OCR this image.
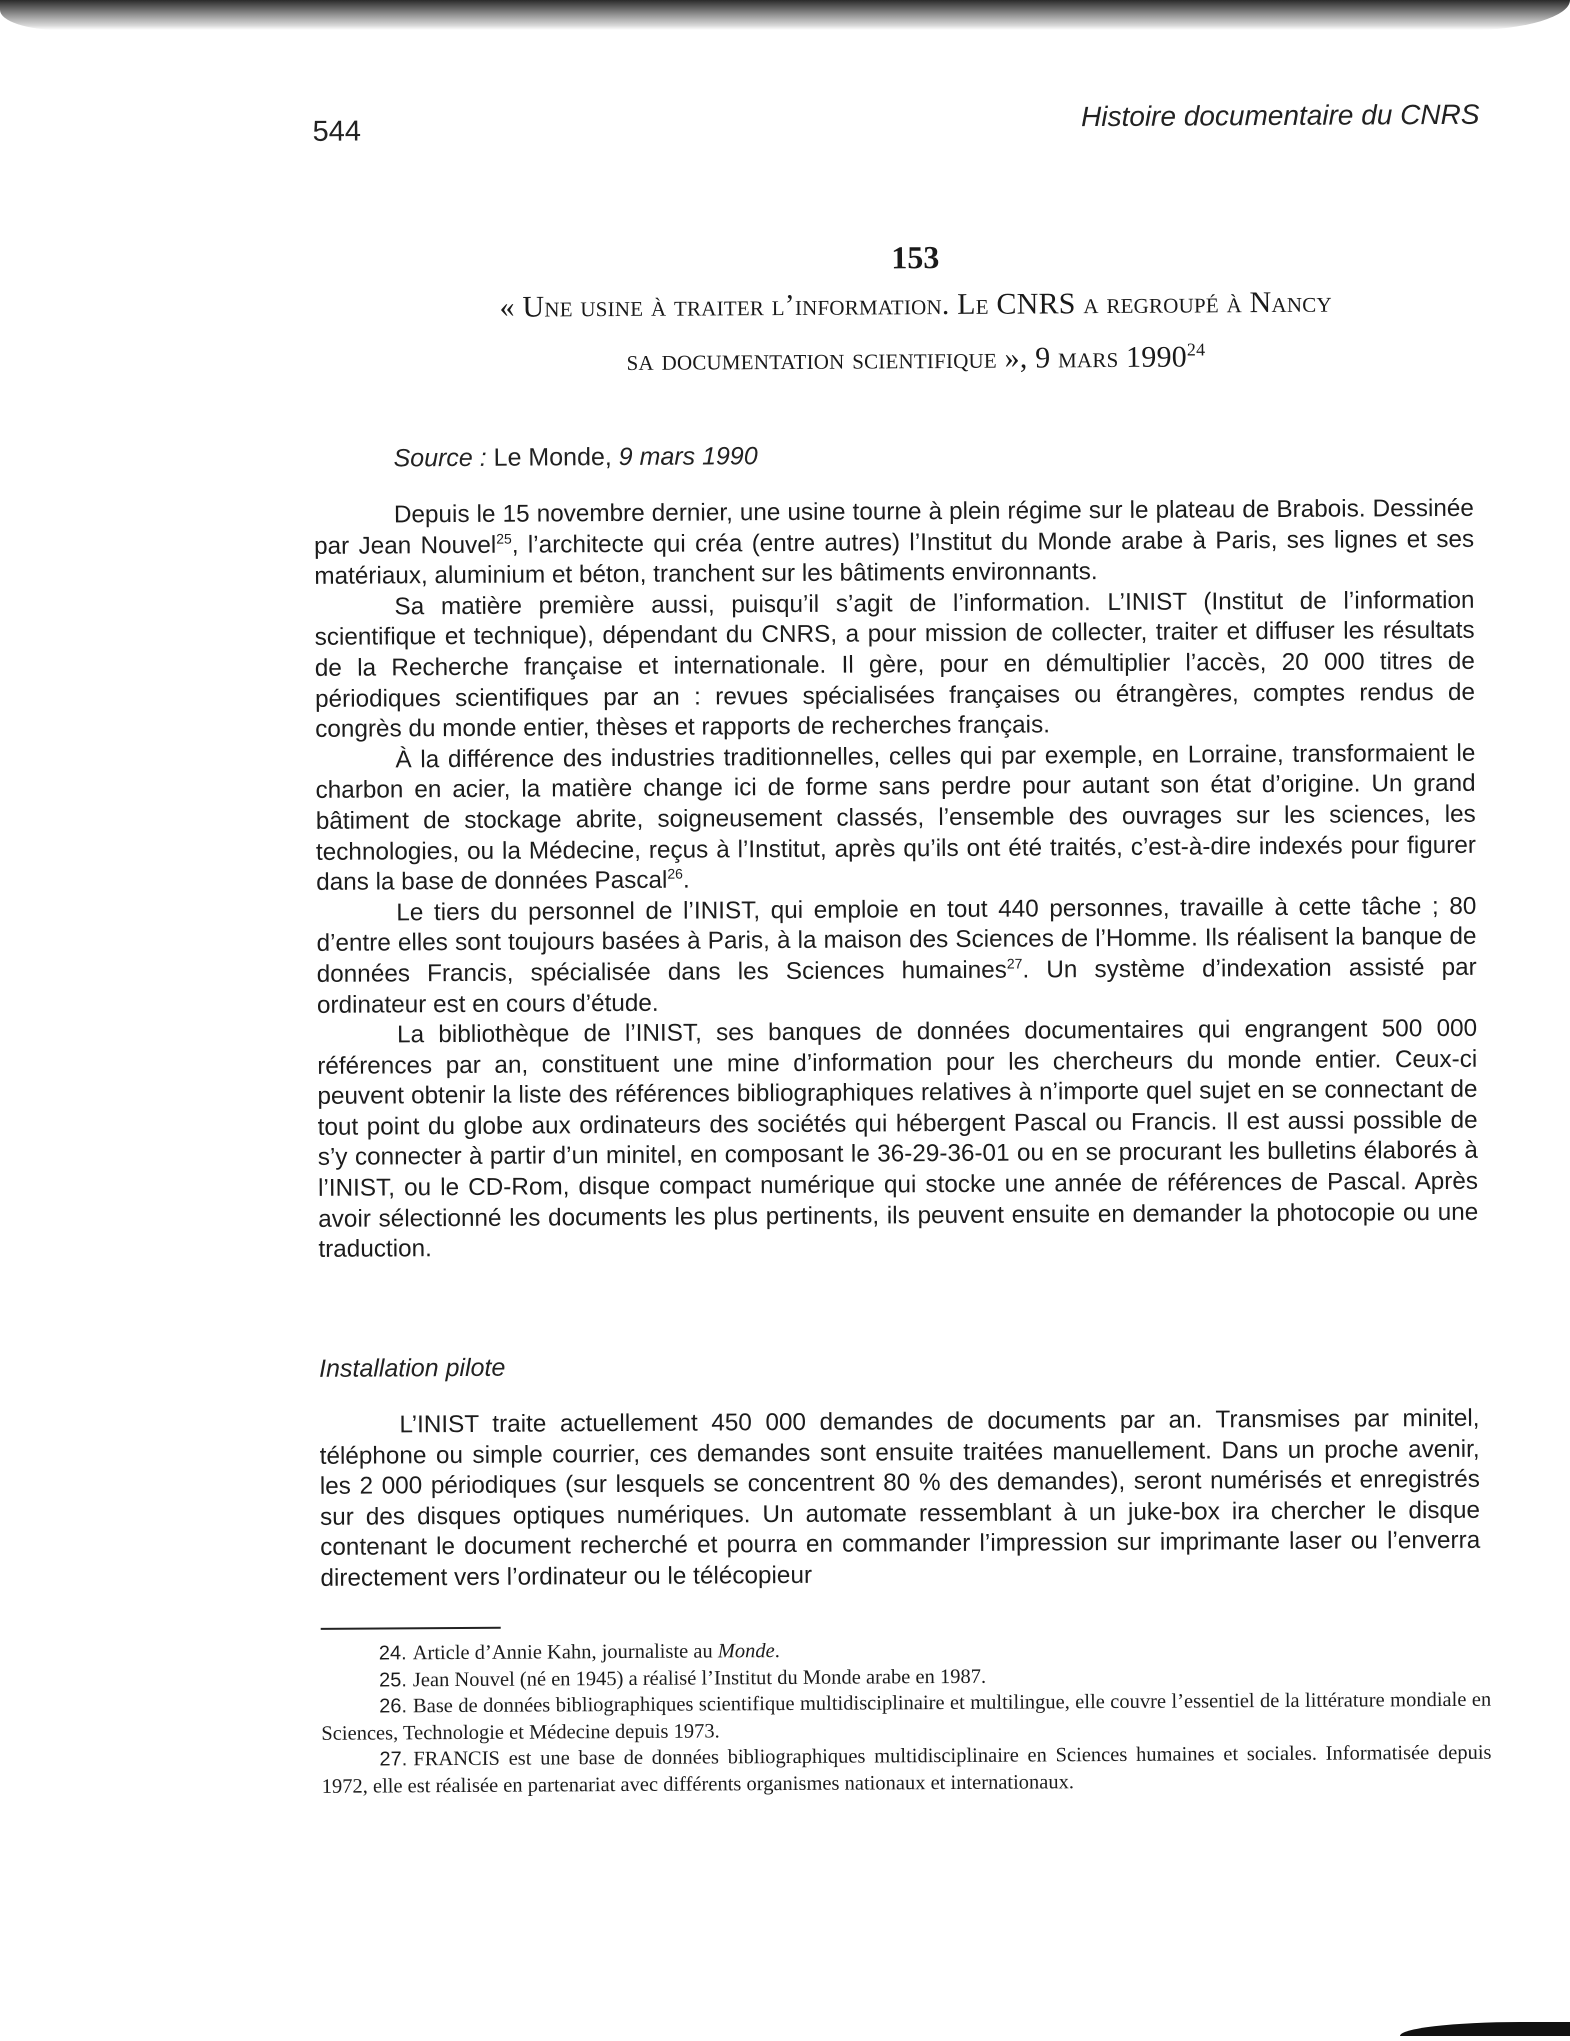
544	Histoire documentaire du CNRS
153
« Une usine à traiter l’information. Le CNRS a regroupé à Nancy
sa documentation scientifique », 9 mars 1990$^{24}$
Source : Le Monde, 9 mars 1990

Depuis le 15 novembre dernier, une usine tourne à plein régime sur le plateau de Brabois. Dessinée par Jean Nouvel$^{25}$, l’architecte qui créa (entre autres) l’Institut du Monde arabe à Paris, ses lignes et ses matériaux, aluminium et béton, tranchent sur les bâtiments environnants.

Sa matière première aussi, puisqu’il s’agit de l’information. L’INIST (Institut de l’information scientifique et technique), dépendant du CNRS, a pour mission de collecter, traiter et diffuser les résultats de la Recherche française et internationale. Il gère, pour en démultiplier l’accès, 20 000 titres de périodiques scientifiques par an : revues spécialisées françaises ou étrangères, comptes rendus de congrès du monde entier, thèses et rapports de recherches français.

À la différence des industries traditionnelles, celles qui par exemple, en Lorraine, transformaient le charbon en acier, la matière change ici de forme sans perdre pour autant son état d’origine. Un grand bâtiment de stockage abrite, soigneusement classés, l’ensemble des ouvrages sur les sciences, les technologies, ou la Médecine, reçus à l’Institut, après qu’ils ont été traités, c’est-à-dire indexés pour figurer dans la base de données Pascal$^{26}$.

Le tiers du personnel de l’INIST, qui emploie en tout 440 personnes, travaille à cette tâche ; 80 d’entre elles sont toujours basées à Paris, à la maison des Sciences de l’Homme. Ils réalisent la banque de données Francis, spécialisée dans les Sciences humaines$^{27}$. Un système d’indexation assisté par ordinateur est en cours d’étude.

La bibliothèque de l’INIST, ses banques de données documentaires qui engrangent 500 000 références par an, constituent une mine d’information pour les chercheurs du monde entier. Ceux-ci peuvent obtenir la liste des références bibliographiques relatives à n’importe quel sujet en se connectant de tout point du globe aux ordinateurs des sociétés qui hébergent Pascal ou Francis. Il est aussi possible de s’y connecter à partir d’un minitel, en composant le 36-29-36-01 ou en se procurant les bulletins élaborés à l’INIST, ou le CD-Rom, disque compact numérique qui stocke une année de références de Pascal. Après avoir sélectionné les documents les plus pertinents, ils peuvent ensuite en demander la photocopie ou une traduction.

Installation pilote

L’INIST traite actuellement 450 000 demandes de documents par an. Transmises par minitel, téléphone ou simple courrier, ces demandes sont ensuite traitées manuellement. Dans un proche avenir, les 2 000 périodiques (sur lesquels se concentrent 80 % des demandes), seront numérisés et enregistrés sur des disques optiques numériques. Un automate ressemblant à un juke-box ira chercher le disque contenant le document recherché et pourra en commander l’impression sur imprimante laser ou l’enverra directement vers l’ordinateur ou le télécopieur

24. Article d’Annie Kahn, journaliste au Monde.

25. Jean Nouvel (né en 1945) a réalisé l’Institut du Monde arabe en 1987.

26. Base de données bibliographiques scientifique multidisciplinaire et multilingue, elle couvre l’essentiel de la littérature mondiale en Sciences, Technologie et Médecine depuis 1973.

27. FRANCIS est une base de données bibliographiques multidisciplinaire en Sciences humaines et sociales. Informatisée depuis 1972, elle est réalisée en partenariat avec différents organismes nationaux et internationaux.
